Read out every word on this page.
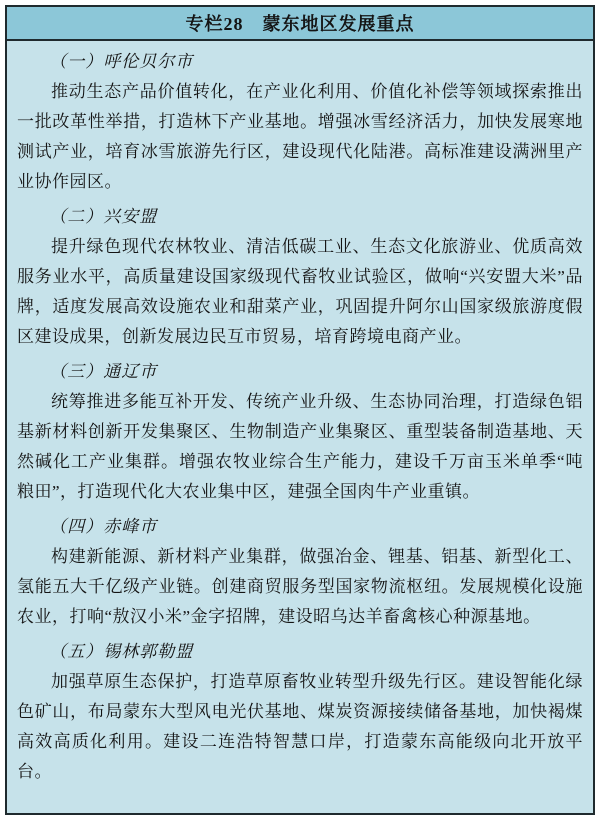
专栏28　蒙东地区发展重点
（一）呼伦贝尔市

推动生态产品价值转化，在产业化利用、价值化补偿等领域探索推出一批改革性举措，打造林下产业基地。增强冰雪经济活力，加快发展寒地测试产业，培育冰雪旅游先行区，建设现代化陆港。高标准建设满洲里产业协作园区。

（二）兴安盟

提升绿色现代农林牧业、清洁低碳工业、生态文化旅游业、优质高效服务业水平，高质量建设国家级现代畜牧业试验区，做响“兴安盟大米”品牌，适度发展高效设施农业和甜菜产业，巩固提升阿尔山国家级旅游度假区建设成果，创新发展边民互市贸易，培育跨境电商产业。

（三）通辽市

统筹推进多能互补开发、传统产业升级、生态协同治理，打造绿色铝基新材料创新开发集聚区、生物制造产业集聚区、重型装备制造基地、天然碱化工产业集群。增强农牧业综合生产能力，建设千万亩玉米单季“吨粮田”，打造现代化大农业集中区，建强全国肉牛产业重镇。

（四）赤峰市

构建新能源、新材料产业集群，做强冶金、锂基、铝基、新型化工、氢能五大千亿级产业链。创建商贸服务型国家物流枢纽。发展规模化设施农业，打响“敖汉小米”金字招牌，建设昭乌达羊畜禽核心种源基地。

（五）锡林郭勒盟

加强草原生态保护，打造草原畜牧业转型升级先行区。建设智能化绿色矿山，布局蒙东大型风电光伏基地、煤炭资源接续储备基地，加快褐煤高效高质化利用。建设二连浩特智慧口岸，打造蒙东高能级向北开放平台。
